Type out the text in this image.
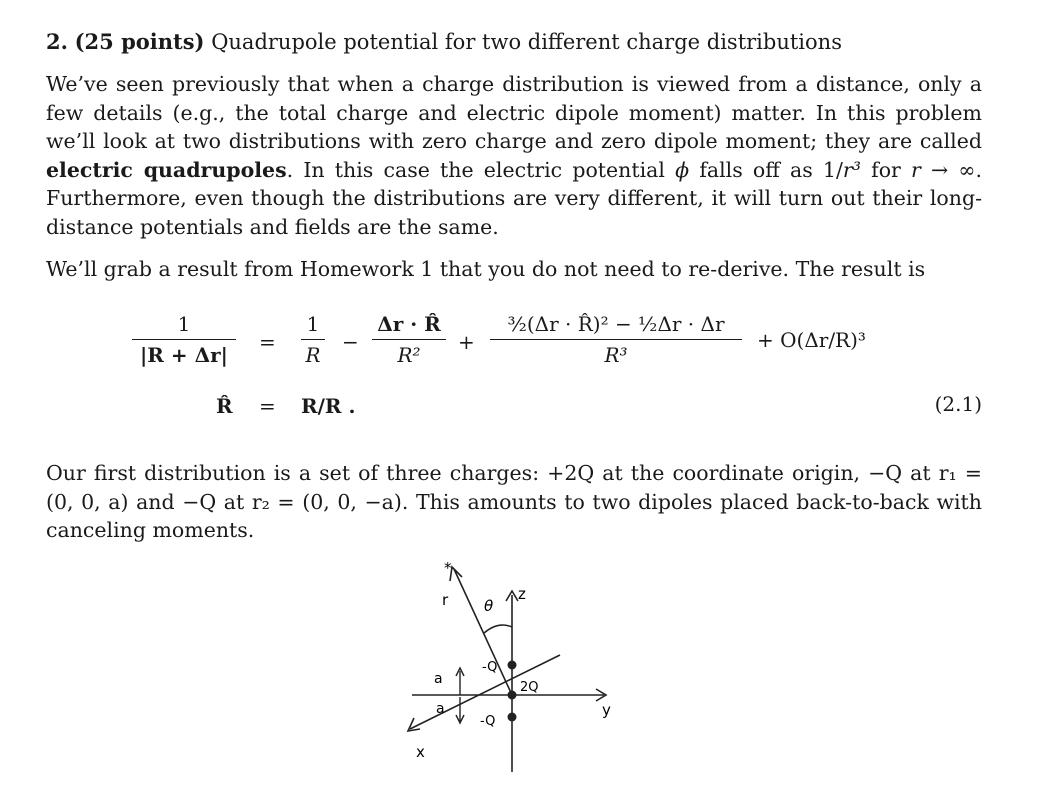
2. (25 points) Quadrupole potential for two different charge distributions

We’ve seen previously that when a charge distribution is viewed from a distance, only a few details (e.g., the total charge and electric dipole moment) matter. In this problem we’ll look at two distributions with zero charge and zero dipole moment; they are called electric quadrupoles. In this case the electric potential ϕ falls off as 1/r³ for r → ∞. Furthermore, even though the distributions are very different, it will turn out their long-distance potentials and fields are the same.

We’ll grab a result from Homework 1 that you do not need to re-derive. The result is

1
|R + Δr|
=
1
R
−
Δr · R̂
R²
+
³⁄₂(Δr · R̂)² − ½Δr · Δr
R³
+ O(Δr/R)³
R̂ = R/R .	(2.1)

Our first distribution is a set of three charges: +2Q at the coordinate origin, −Q at r₁ = (0, 0, a) and −Q at r₂ = (0, 0, −a). This amounts to two dipoles placed back-to-back with canceling moments.

*
r θ
z
a
a
-Q
-Q
2Q
y
x
